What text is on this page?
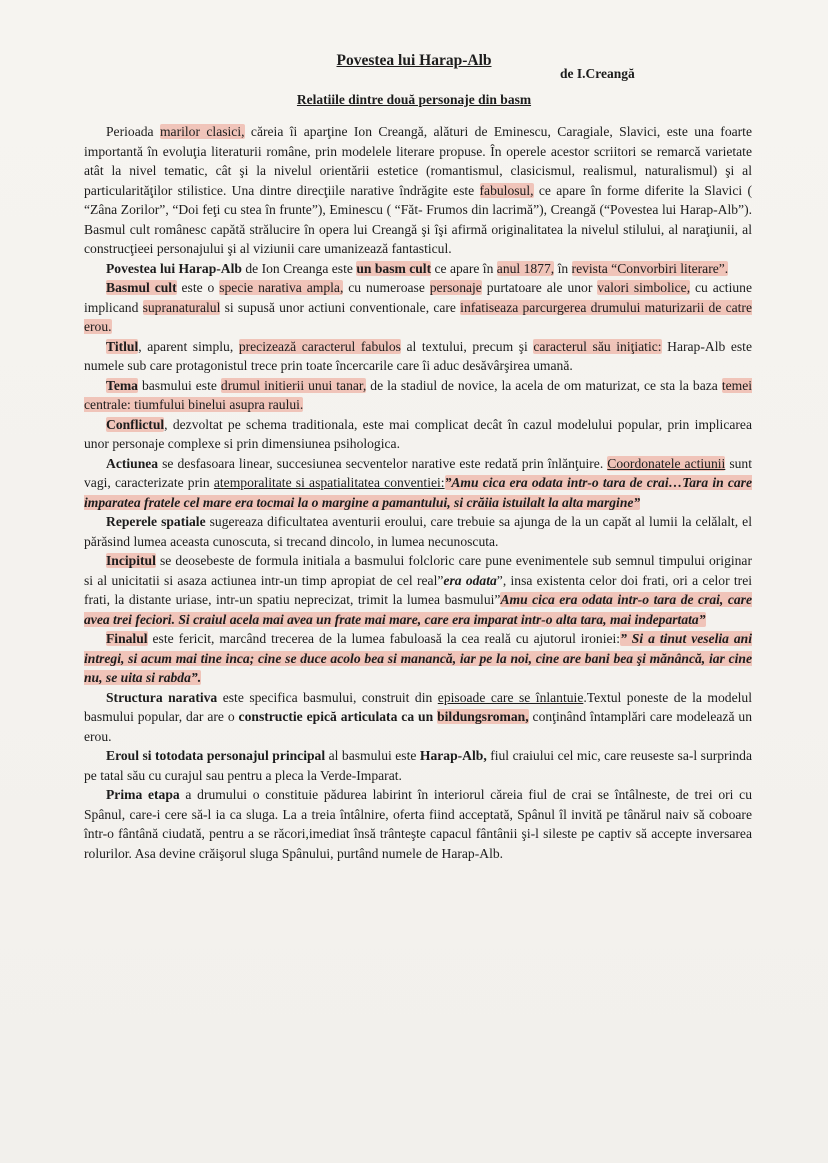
Povestea lui Harap-Alb
de I.Creangă
Relatiile dintre două personaje din basm

Perioada marilor clasici, căreia îi aparţine Ion Creangă, alături de Eminescu, Caragiale, Slavici, este una foarte importantă în evoluţia literaturii române, prin modelele literare propuse. În operele acestor scriitori se remarcă varietate atât la nivel tematic, cât şi la nivelul orientării estetice (romantismul, clasicismul, realismul, naturalismul) şi al particularităţilor stilistice. Una dintre direcţiile narative îndrăgite este fabulosul, ce apare în forme diferite la Slavici ( “Zâna Zorilor”, “Doi feţi cu stea în frunte”), Eminescu ( “Făt- Frumos din lacrimă”), Creangă (“Povestea lui Harap-Alb”). Basmul cult românesc capătă strălucire în opera lui Creangă şi îşi afirmă originalitatea la nivelul stilului, al naraţiunii, al construcţieei personajului şi al viziunii care umanizează fantasticul.

Povestea lui Harap-Alb de Ion Creanga este un basm cult ce apare în anul 1877, în revista “Convorbiri literare”.

Basmul cult este o specie narativa ampla, cu numeroase personaje purtatoare ale unor valori simbolice, cu actiune implicand supranaturalul si supusă unor actiuni conventionale, care infatiseaza parcurgerea drumului maturizarii de catre erou.

Titlul, aparent simplu, precizează caracterul fabulos al textului, precum şi caracterul său iniţiatic: Harap-Alb este numele sub care protagonistul trece prin toate încercarile care îi aduc desăvârşirea umană.

Tema basmului este drumul initierii unui tanar, de la stadiul de novice, la acela de om maturizat, ce sta la baza temei centrale: tiumfului binelui asupra raului.

Conflictul, dezvoltat pe schema traditionala, este mai complicat decât în cazul modelului popular, prin implicarea unor personaje complexe si prin dimensiunea psihologica.

Actiunea se desfasoara linear, succesiunea secventelor narative este redată prin înlănţuire. Coordonatele actiunii sunt vagi, caracterizate prin atemporalitate si aspatialitatea conventiei:”Amu cica era odata intr-o tara de crai…Tara in care imparatea fratele cel mare era tocmai la o margine a pamantului, si crăiia istuilalt la alta margine”

Reperele spatiale sugereaza dificultatea aventurii eroului, care trebuie sa ajunga de la un capăt al lumii la celălalt, el părăsind lumea aceasta cunoscuta, si trecand dincolo, in lumea necunoscuta.

Incipitul se deosebeste de formula initiala a basmului folcloric care pune evenimentele sub semnul timpului originar si al unicitatii si asaza actiunea intr-un timp apropiat de cel real”era odata”, insa existenta celor doi frati, ori a celor trei frati, la distante uriase, intr-un spatiu neprecizat, trimit la lumea basmului”Amu cica era odata intr-o tara de crai, care avea trei feciori. Si craiul acela mai avea un frate mai mare, care era imparat intr-o alta tara, mai indepartata”

Finalul este fericit, marcând trecerea de la lumea fabuloasă la cea reală cu ajutorul ironiei:” Si a tinut veselia ani intregi, si acum mai tine inca; cine se duce acolo bea si manancă, iar pe la noi, cine are bani bea şi mănâncă, iar cine nu, se uita si rabda”.

Structura narativa este specifica basmului, construit din episoade care se înlantuie.Textul poneste de la modelul basmului popular, dar are o constructie epică articulata ca un bildungsroman, conţinând întamplări care modelează un erou.

Eroul si totodata personajul principal al basmului este Harap-Alb, fiul craiului cel mic, care reuseste sa-l surprinda pe tatal său cu curajul sau pentru a pleca la Verde-Imparat.

Prima etapa a drumului o constituie pădurea labirint în interiorul căreia fiul de crai se întâlneste, de trei ori cu Spânul, care-i cere să-l ia ca sluga. La a treia întâlnire, oferta fiind acceptată, Spânul îl invită pe tânărul naiv să coboare într-o fântână ciudată, pentru a se răcori,imediat însă trânteşte capacul fântânii şi-l sileste pe captiv să accepte inversarea rolurilor. Asa devine crăişorul sluga Spânului, purtând numele de Harap-Alb.
